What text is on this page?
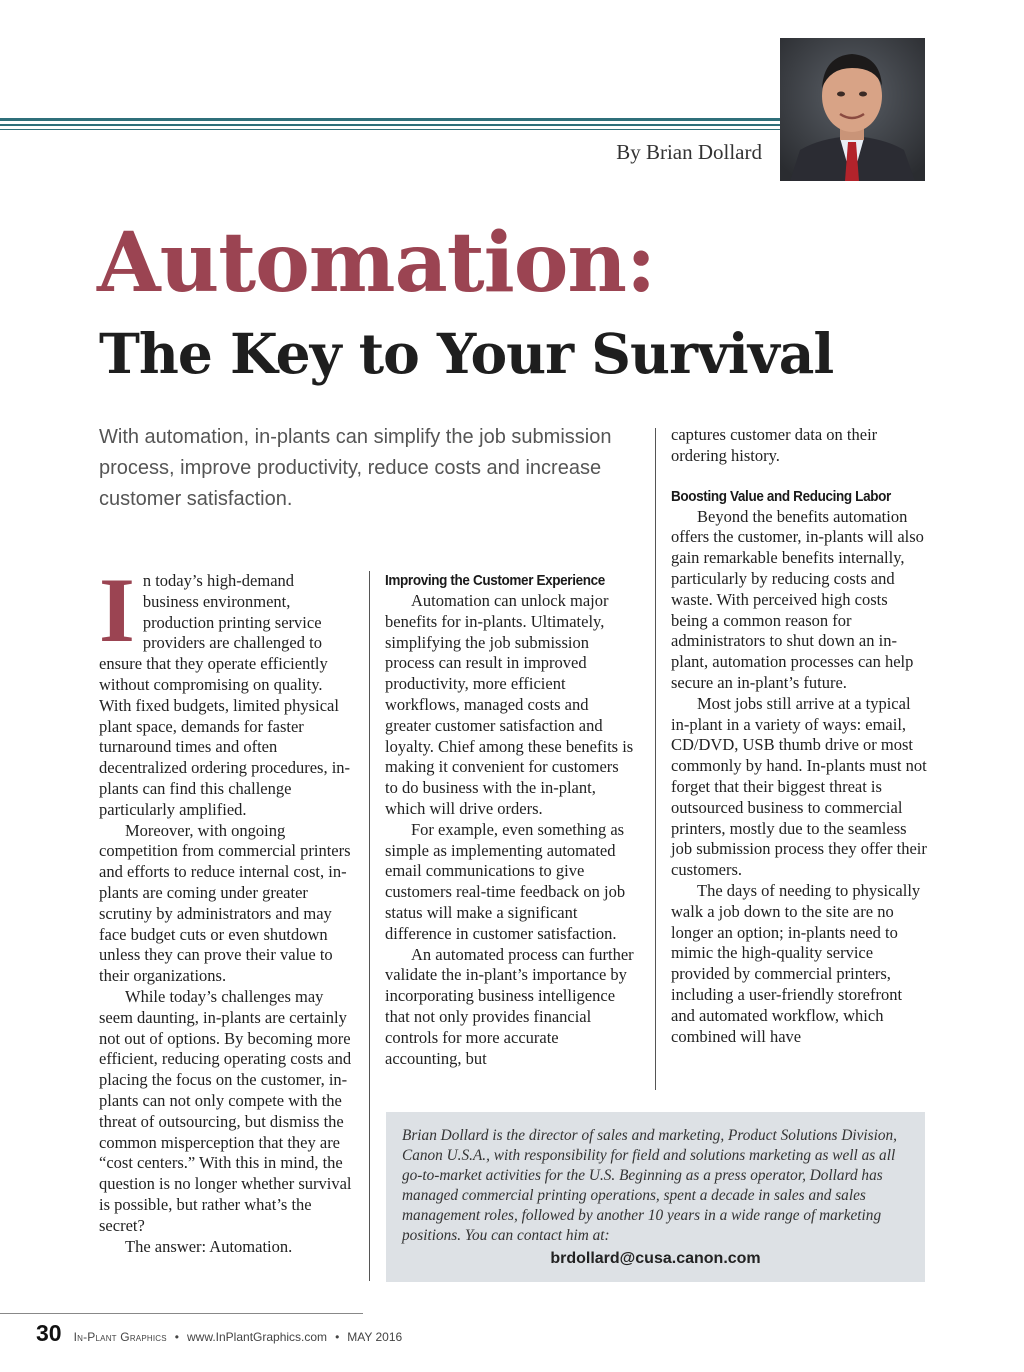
By Brian Dollard
Automation:
The Key to Your Survival
With automation, in-plants can simplify the job submission process, improve productivity, reduce costs and increase customer satisfaction.
I n today’s high-demand business environment, production printing service providers are challenged to ensure that they operate efficiently without compromising on quality. With fixed budgets, limited physical plant space, demands for faster turnaround times and often decentralized ordering procedures, in-plants can find this challenge particularly amplified.

Moreover, with ongoing competition from commercial printers and efforts to reduce internal cost, in-plants are coming under greater scrutiny by administrators and may face budget cuts or even shutdown unless they can prove their value to their organizations.

While today’s challenges may seem daunting, in-plants are certainly not out of options. By becoming more efficient, reducing operating costs and placing the focus on the customer, in-plants can not only compete with the threat of outsourcing, but dismiss the common misperception that they are “cost centers.” With this in mind, the question is no longer whether survival is possible, but rather what’s the secret?

The answer: Automation.

Improving the Customer Experience

Automation can unlock major benefits for in-plants. Ultimately, simplifying the job submission process can result in improved productivity, more efficient workflows, managed costs and greater customer satisfaction and loyalty. Chief among these benefits is making it convenient for customers to do business with the in-plant, which will drive orders.

For example, even something as simple as implementing automated email communications to give customers real-time feedback on job status will make a significant difference in customer satisfaction.

An automated process can further validate the in-plant’s importance by incorporating business intelligence that not only provides financial controls for more accurate accounting, but

captures customer data on their ordering history.

Boosting Value and Reducing Labor

Beyond the benefits automation offers the customer, in-plants will also gain remarkable benefits internally, particularly by reducing costs and waste. With perceived high costs being a common reason for administrators to shut down an in-plant, automation processes can help secure an in-plant’s future.

Most jobs still arrive at a typical in-plant in a variety of ways: email, CD/DVD, USB thumb drive or most commonly by hand. In-plants must not forget that their biggest threat is outsourced business to commercial printers, mostly due to the seamless job submission process they offer their customers.

The days of needing to physically walk a job down to the site are no longer an option; in-plants need to mimic the high-quality service provided by commercial printers, including a user-friendly storefront and automated workflow, which combined will have

Brian Dollard is the director of sales and marketing, Product Solutions Division, Canon U.S.A., with responsibility for field and solutions marketing as well as all go-to-market activities for the U.S. Beginning as a press operator, Dollard has managed commercial printing operations, spent a decade in sales and sales management roles, followed by another 10 years in a wide range of marketing positions. You can contact him at:
brdollard@cusa.canon.com
30 In-Plant Graphics • www.InPlantGraphics.com • MAY 2016
